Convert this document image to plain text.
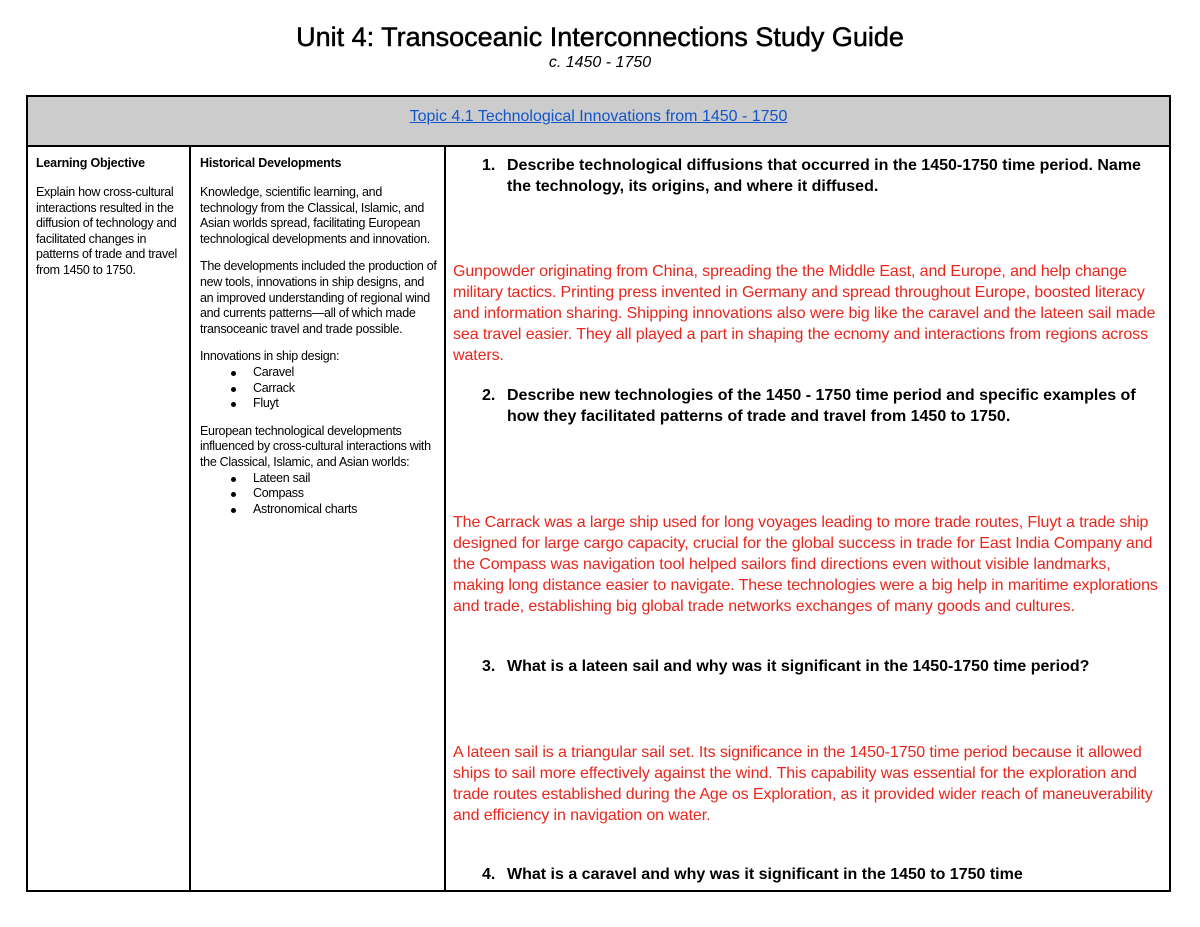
Unit 4: Transoceanic Interconnections Study Guide
c. 1450 - 1750
Topic 4.1 Technological Innovations from 1450 - 1750

Learning Objective

Explain how cross-cultural interactions resulted in the diffusion of technology and facilitated changes in patterns of trade and travel from 1450 to 1750.

Historical Developments

Knowledge, scientific learning, and technology from the Classical, Islamic, and Asian worlds spread, facilitating European technological developments and innovation.

The developments included the production of new tools, innovations in ship designs, and an improved understanding of regional wind and currents patterns—all of which made transoceanic travel and trade possible.

Innovations in ship design:

Caravel
Carrack
Fluyt

European technological developments influenced by cross-cultural interactions with the Classical, Islamic, and Asian worlds:

Lateen sail
Compass
Astronomical charts
1. Describe technological diffusions that occurred in the 1450-1750 time period. Name the technology, its origins, and where it diffused.
Gunpowder originating from China, spreading the the Middle East, and Europe, and help change military tactics. Printing press invented in Germany and spread throughout Europe, boosted literacy and information sharing. Shipping innovations also were big like the caravel and the lateen sail made sea travel easier. They all played a part in shaping the ecnomy and interactions from regions across waters.
2. Describe new technologies of the 1450 - 1750 time period and specific examples of how they facilitated patterns of trade and travel from 1450 to 1750.
The Carrack was a large ship used for long voyages leading to more trade routes, Fluyt a trade ship designed for large cargo capacity, crucial for the global success in trade for East India Company and the Compass was navigation tool helped sailors find directions even without visible landmarks, making long distance easier to navigate. These technologies were a big help in maritime explorations and trade, establishing big global trade networks exchanges of many goods and cultures.
3. What is a lateen sail and why was it significant in the 1450-1750 time period?
A lateen sail is a triangular sail set. Its significance in the 1450-1750 time period because it allowed ships to sail more effectively against the wind. This capability was essential for the exploration and trade routes established during the Age os Exploration, as it provided wider reach of maneuverability and efficiency in navigation on water.
4. What is a caravel and why was it significant in the 1450 to 1750 time
